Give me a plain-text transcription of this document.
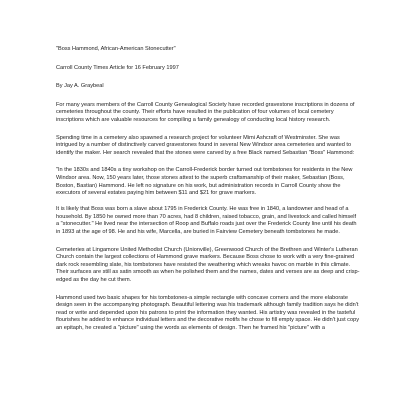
"Boss Hammond, African-American Stonecutter"

Carroll County Times Article for 16 February 1997

By Jay A. Graybeal

For many years members of the Carroll County Genealogical Society have recorded gravestone inscriptions in dozens of cemeteries throughout the county. Their efforts have resulted in the publication of four volumes of local cemetery inscriptions which are valuable resources for compiling a family genealogy of conducting local history research.

Spending time in a cemetery also spawned a research project for volunteer Mimi Ashcraft of Westminster. She was intrigued by a number of distinctively carved gravestones found in several New Windsor area cemeteries and wanted to identify the maker. Her search revealed that the stones were carved by a free Black named Sebastian "Boss" Hammond:

"In the 1830s and 1840s a tiny workshop on the Carroll-Frederick border turned out tombstones for residents in the New Windsor area. Now, 150 years later, those stones attest to the superb craftsmanship of their maker, Sebastian (Boss, Boston, Bastian) Hammond. He left no signature on his work, but administration records in Carroll County show the executors of several estates paying him between $11 and $21 for grave markers.

It is likely that Boss was born a slave about 1795 in Frederick County. He was free in 1840, a landowner and head of a household. By 1850 he owned more than 70 acres, had 8 children, raised tobacco, grain, and livestock and called himself a "stonecutter." He lived near the intersection of Roop and Buffalo roads just over the Frederick County line until his death in 1893 at the age of 98. He and his wife, Marcella, are buried in Fairview Cemetery beneath tombstones he made.

Cemeteries at Lingamore United Methodist Church (Unionville), Greenwood Church of the Brethren and Winter's Lutheran Church contain the largest collections of Hammond grave markers. Because Boss chose to work with a very fine-grained dark rock resembling slate, his tombstones have resisted the weathering which wreaks havoc on marble in this climate. Their surfaces are still as satin smooth as when he polished them and the names, dates and verses are as deep and crisp-edged as the day he cut them.

Hammond used two basic shapes for his tombstones-a simple rectangle with concave corners and the more elaborate design seen in the accompanying photograph. Beautiful lettering was his trademark although family tradition says he didn't read or write and depended upon his patrons to print the information they wanted. His artistry was revealed in the tasteful flourishes he added to enhance individual letters and the decorative motifs he chose to fill empty space. He didn't just copy an epitaph, he created a "picture" using the words as elements of design. Then he framed his "picture" with a
